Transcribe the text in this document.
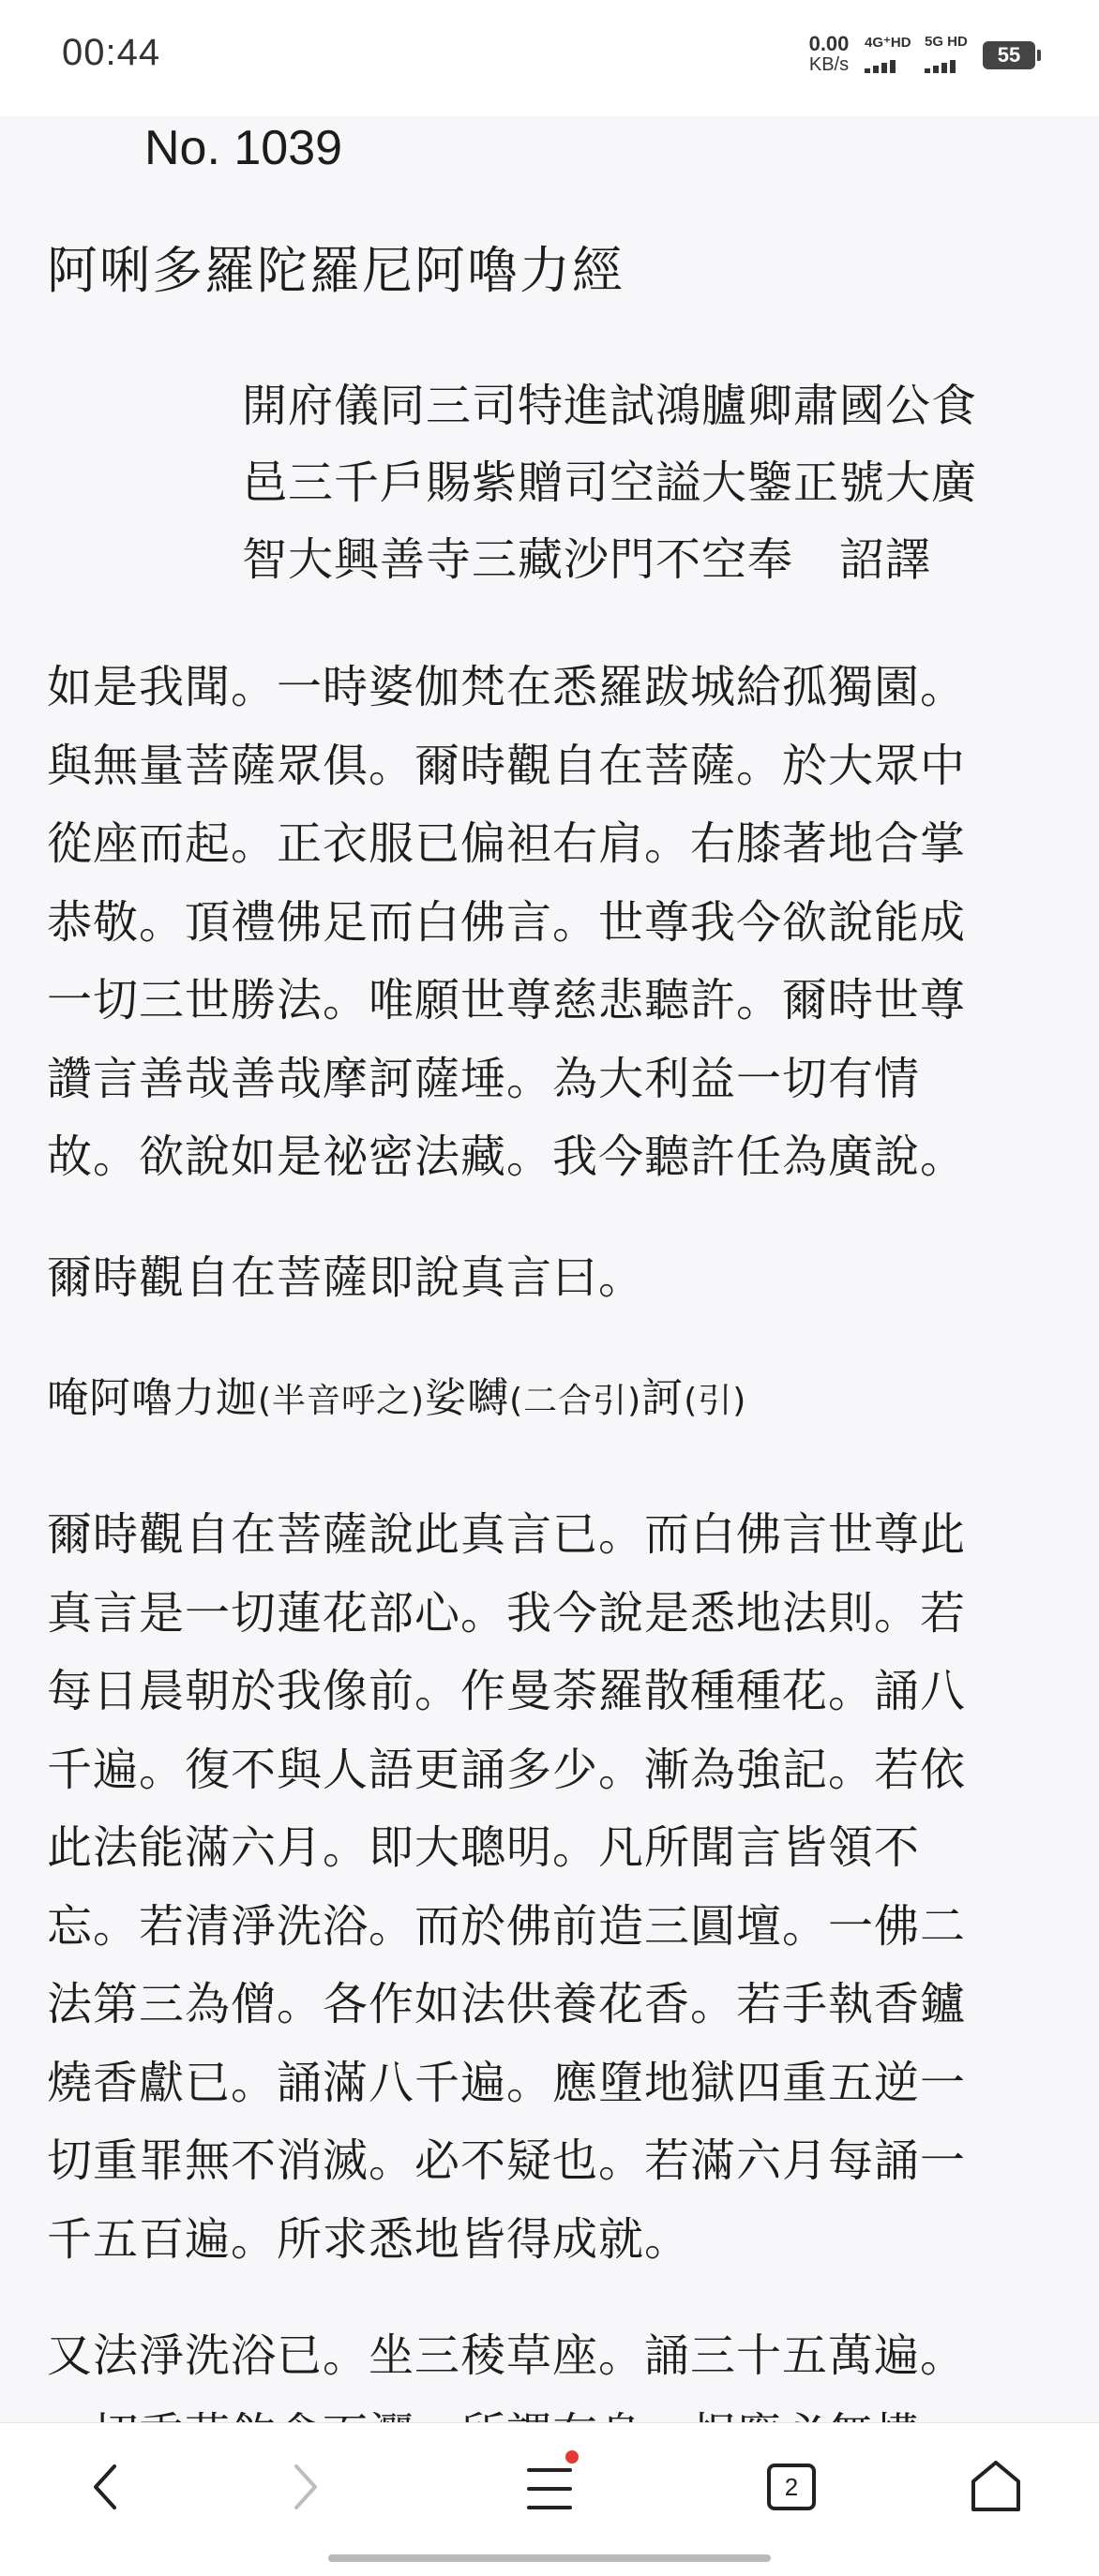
00:44	0.00
KB/s
4G⁺HD 5G HD
55
No. 1039
阿唎多羅陀羅尼阿嚕力經
開府儀同三司特進試鴻臚卿肅國公食
邑三千戶賜紫贈司空謚大鑒正號大廣
智大興善寺三藏沙門不空奉　詔譯
如是我聞。一時婆伽梵在悉羅跋城給孤獨園。
與無量菩薩眾俱。爾時觀自在菩薩。於大眾中
從座而起。正衣服已偏袒右肩。右膝著地合掌
恭敬。頂禮佛足而白佛言。世尊我今欲說能成
一切三世勝法。唯願世尊慈悲聽許。爾時世尊
讚言善哉善哉摩訶薩埵。為大利益一切有情
故。欲說如是祕密法藏。我今聽許任為廣說。
爾時觀自在菩薩即說真言曰。
唵阿嚕力迦(半音呼之)娑嚩(二合引)訶(引)
爾時觀自在菩薩說此真言已。而白佛言世尊此
真言是一切蓮花部心。我今說是悉地法則。若
每日晨朝於我像前。作曼荼羅散種種花。誦八
千遍。復不與人語更誦多少。漸為強記。若依
此法能滿六月。即大聰明。凡所聞言皆領不
忘。若清淨洗浴。而於佛前造三圓壇。一佛二
法第三為僧。各作如法供養花香。若手執香鑪
燒香獻已。誦滿八千遍。應墮地獄四重五逆一
切重罪無不消滅。必不疑也。若滿六月每誦一
千五百遍。所求悉地皆得成就。
又法淨洗浴已。坐三稜草座。誦三十五萬遍。
2
